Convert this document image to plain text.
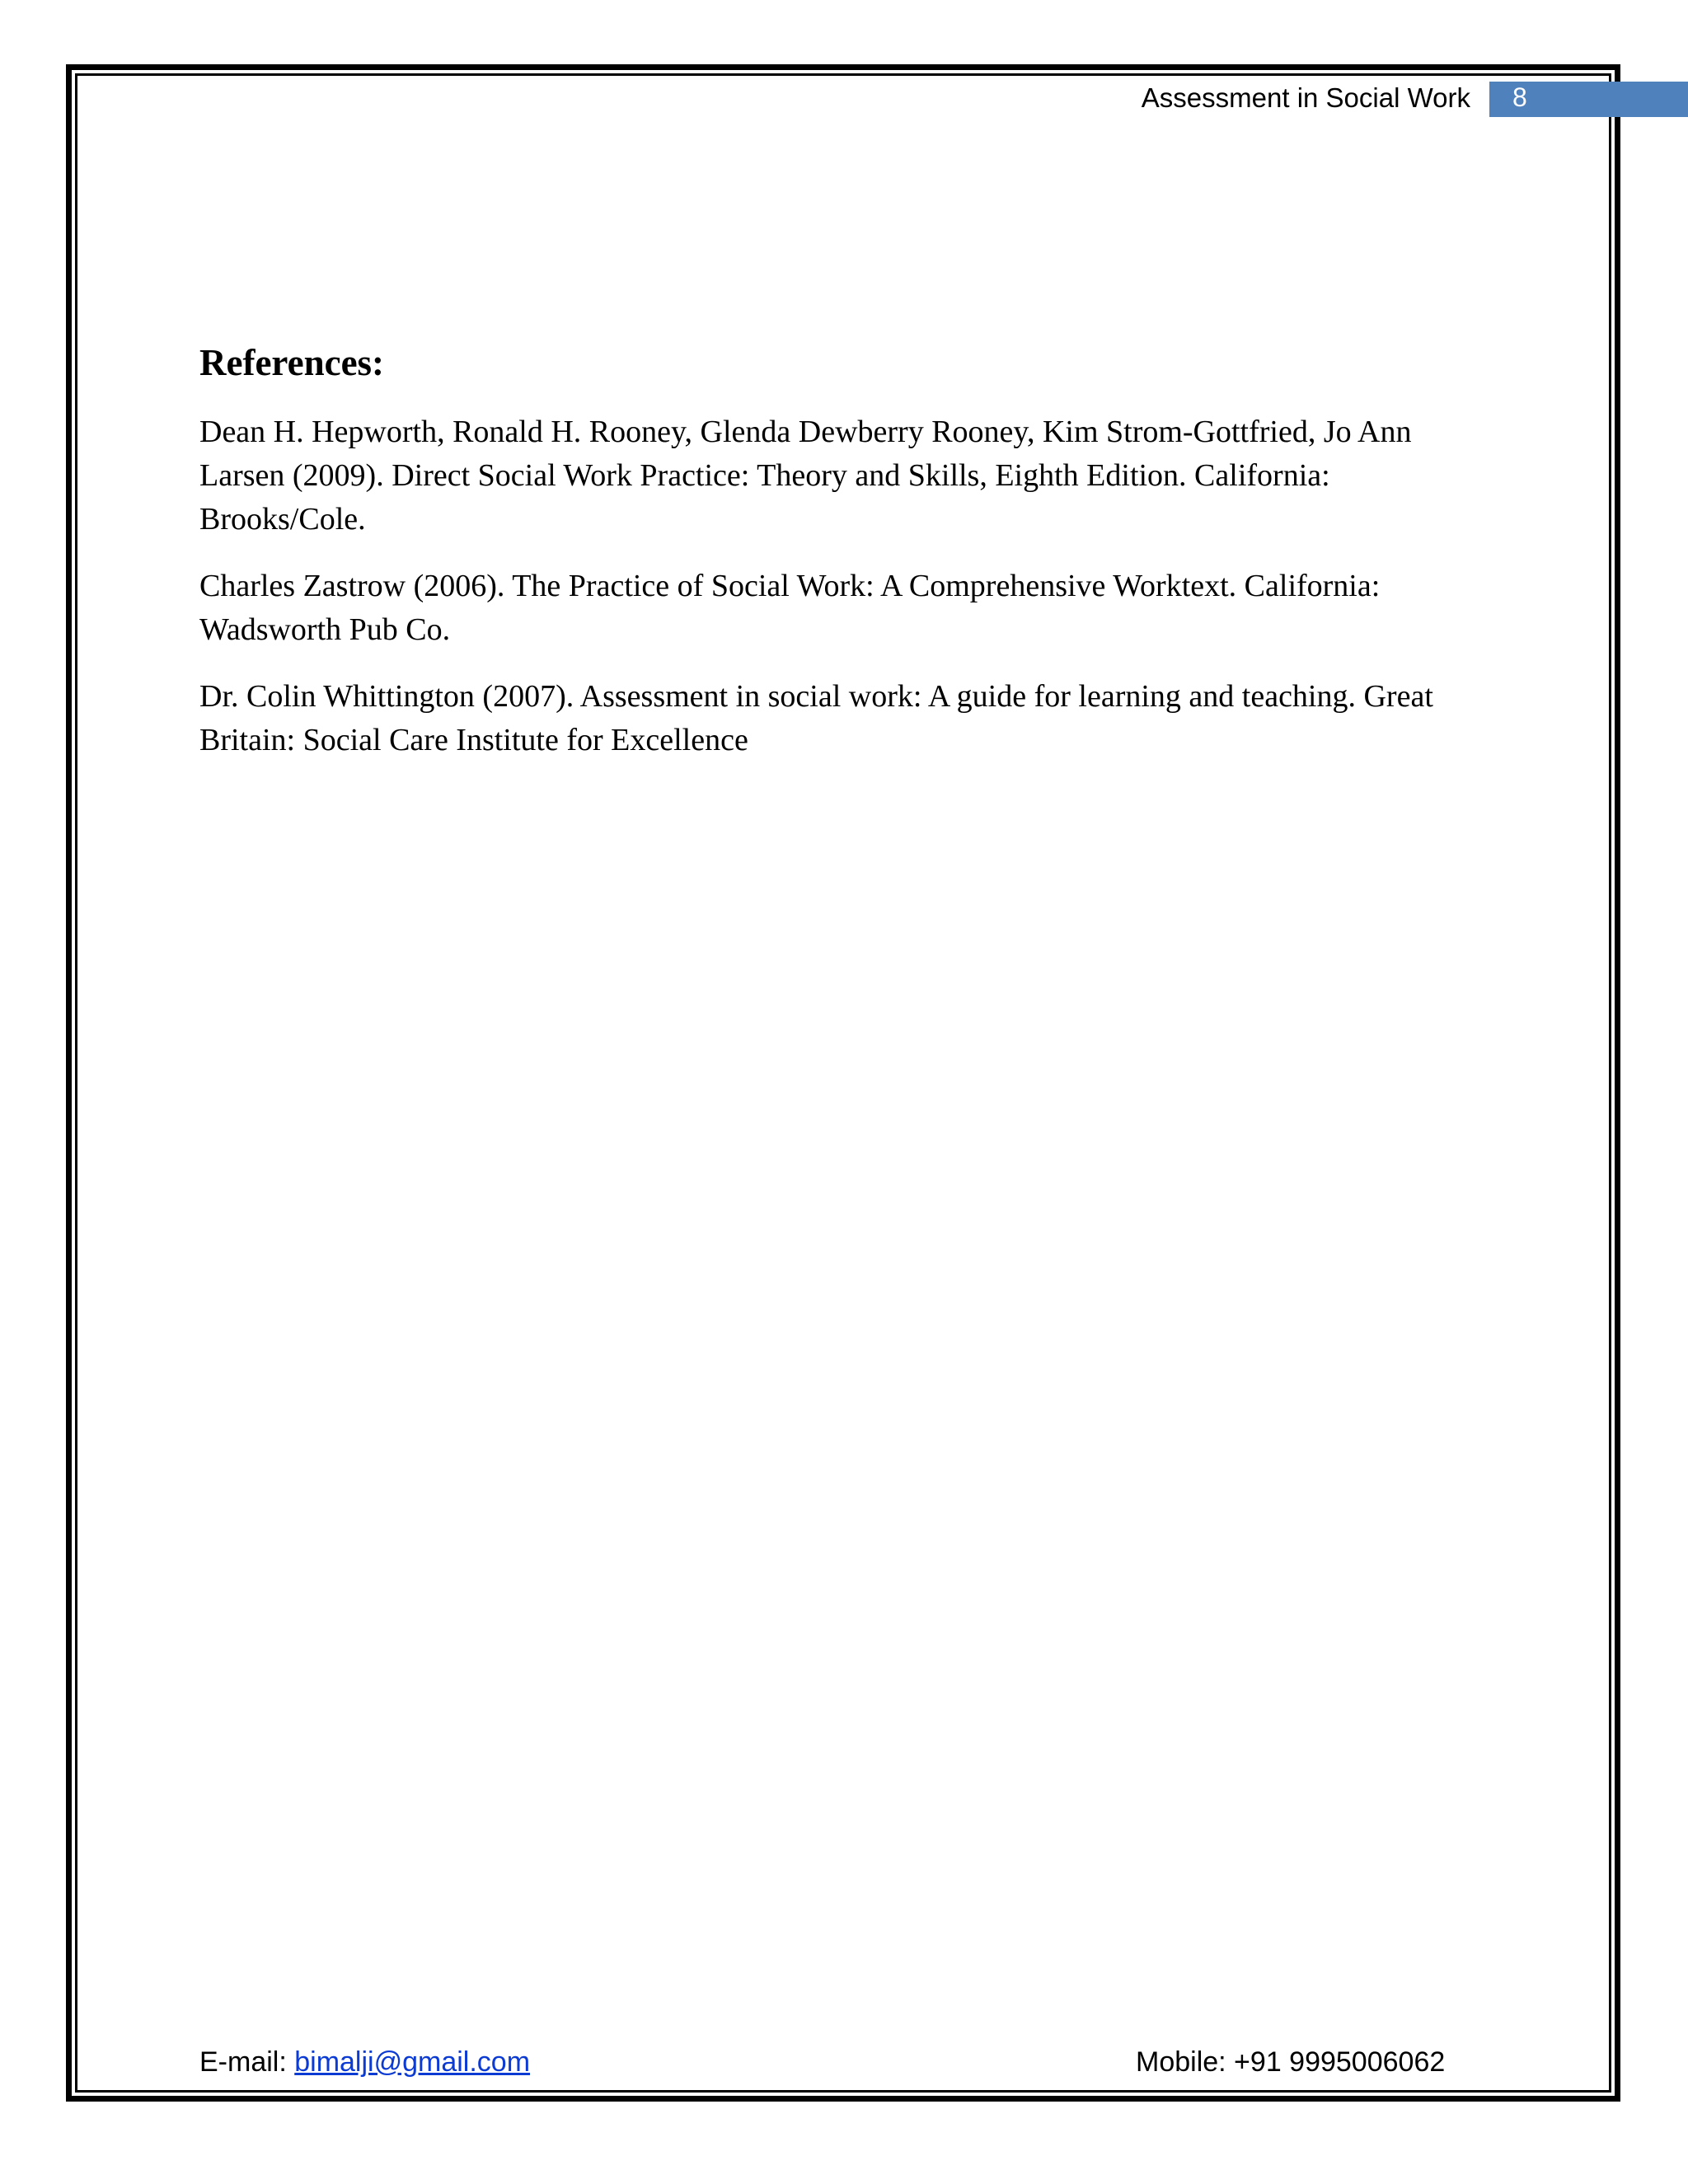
Assessment in Social Work 8
References:

Dean H. Hepworth, Ronald H. Rooney, Glenda Dewberry Rooney, Kim Strom-Gottfried, Jo Ann Larsen (2009). Direct Social Work Practice: Theory and Skills, Eighth Edition. California: Brooks/Cole.

Charles Zastrow (2006). The Practice of Social Work: A Comprehensive Worktext. California: Wadsworth Pub Co.

Dr. Colin Whittington (2007). Assessment in social work: A guide for learning and teaching. Great Britain: Social Care Institute for Excellence

E-mail: bimalji@gmail.com	Mobile: +91 9995006062
